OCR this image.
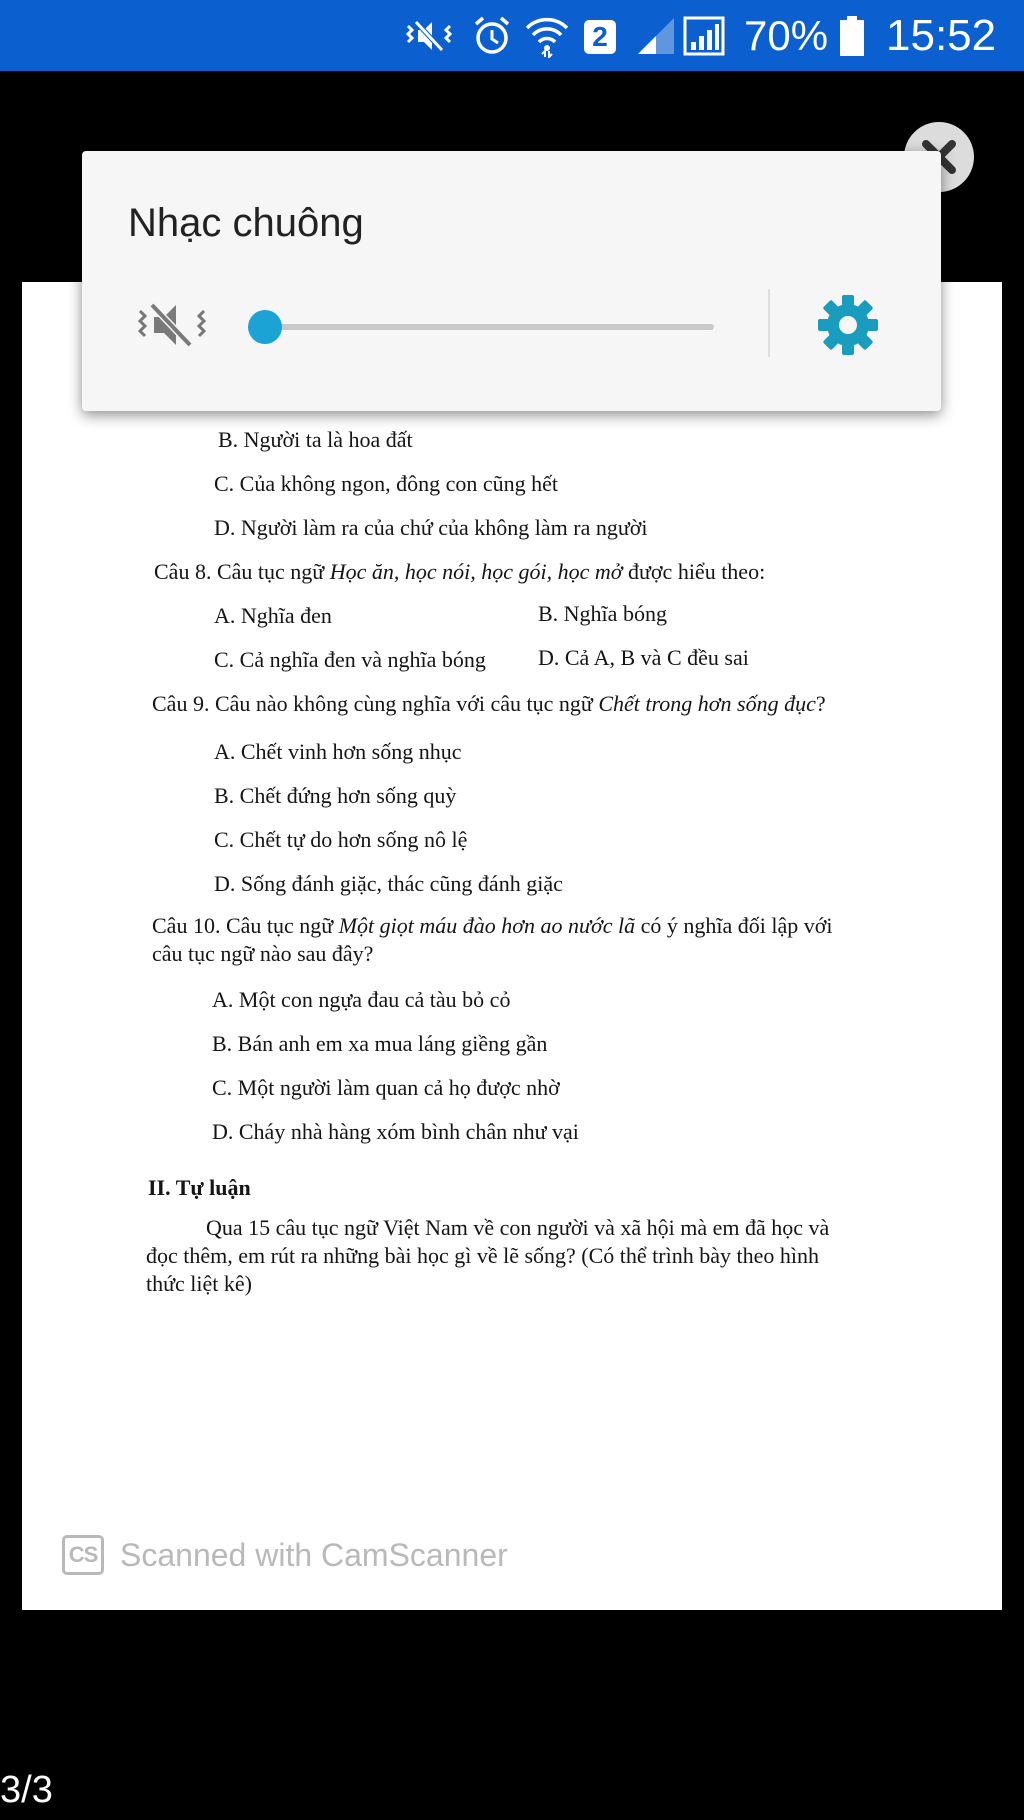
2	70% 15:52
B. Người ta là hoa đất
C. Của không ngon, đông con cũng hết
D. Người làm ra của chứ của không làm ra người
Câu 8. Câu tục ngữ Học ăn, học nói, học gói, học mở được hiểu theo:
A. Nghĩa đen	B. Nghĩa bóng
C. Cả nghĩa đen và nghĩa bóng D. Cả A, B và C đều sai
Câu 9. Câu nào không cùng nghĩa với câu tục ngữ Chết trong hơn sống đục?
A. Chết vinh hơn sống nhục
B. Chết đứng hơn sống quỳ
C. Chết tự do hơn sống nô lệ
D. Sống đánh giặc, thác cũng đánh giặc
Câu 10. Câu tục ngữ Một giọt máu đào hơn ao nước lã có ý nghĩa đối lập với
câu tục ngữ nào sau đây?
A. Một con ngựa đau cả tàu bỏ cỏ
B. Bán anh em xa mua láng giềng gần
C. Một người làm quan cả họ được nhờ
D. Cháy nhà hàng xóm bình chân như vại
II. Tự luận
Qua 15 câu tục ngữ Việt Nam về con người và xã hội mà em đã học và
đọc thêm, em rút ra những bài học gì về lẽ sống? (Có thể trình bày theo hình
thức liệt kê)
CS Scanned with CamScanner
Nhạc chuông
3/3
